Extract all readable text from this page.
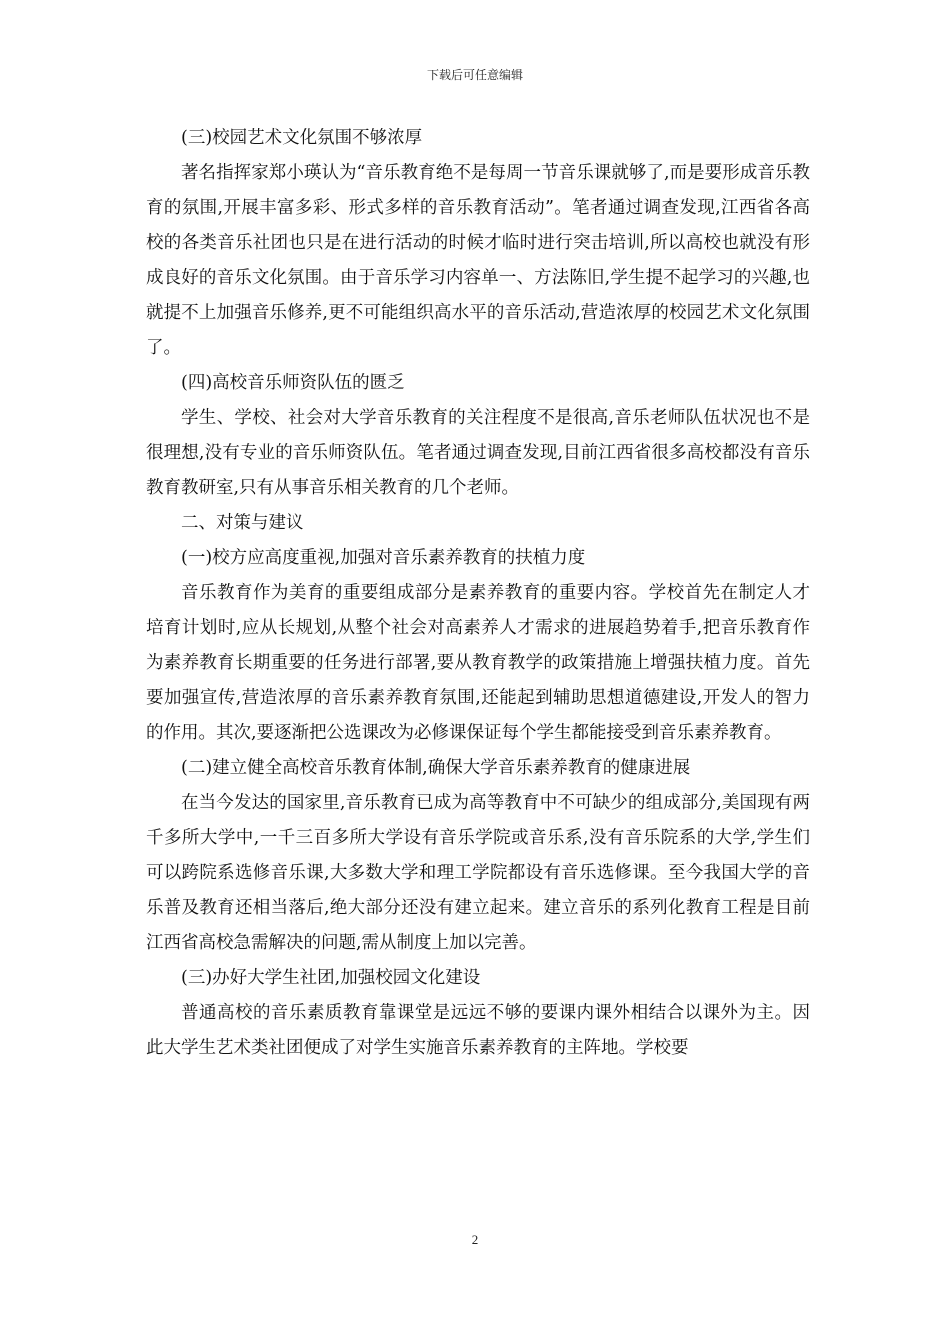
下载后可任意编辑

(三)校园艺术文化氛围不够浓厚

著名指挥家郑小瑛认为“音乐教育绝不是每周一节音乐课就够了,而是要形成音乐教育的氛围,开展丰富多彩、形式多样的音乐教育活动”。笔者通过调查发现,江西省各高校的各类音乐社团也只是在进行活动的时候才临时进行突击培训,所以高校也就没有形成良好的音乐文化氛围。由于音乐学习内容单一、方法陈旧,学生提不起学习的兴趣,也就提不上加强音乐修养,更不可能组织高水平的音乐活动,营造浓厚的校园艺术文化氛围了。

(四)高校音乐师资队伍的匮乏

学生、学校、社会对大学音乐教育的关注程度不是很高,音乐老师队伍状况也不是很理想,没有专业的音乐师资队伍。笔者通过调查发现,目前江西省很多高校都没有音乐教育教研室,只有从事音乐相关教育的几个老师。

二、对策与建议

(一)校方应高度重视,加强对音乐素养教育的扶植力度

音乐教育作为美育的重要组成部分是素养教育的重要内容。学校首先在制定人才培育计划时,应从长规划,从整个社会对高素养人才需求的进展趋势着手,把音乐教育作为素养教育长期重要的任务进行部署,要从教育教学的政策措施上增强扶植力度。首先要加强宣传,营造浓厚的音乐素养教育氛围,还能起到辅助思想道德建设,开发人的智力的作用。其次,要逐渐把公选课改为必修课保证每个学生都能接受到音乐素养教育。

(二)建立健全高校音乐教育体制,确保大学音乐素养教育的健康进展

在当今发达的国家里,音乐教育已成为高等教育中不可缺少的组成部分,美国现有两千多所大学中,一千三百多所大学设有音乐学院或音乐系,没有音乐院系的大学,学生们可以跨院系选修音乐课,大多数大学和理工学院都设有音乐选修课。至今我国大学的音乐普及教育还相当落后,绝大部分还没有建立起来。建立音乐的系列化教育工程是目前江西省高校急需解决的问题,需从制度上加以完善。

(三)办好大学生社团,加强校园文化建设

普通高校的音乐素质教育靠课堂是远远不够的要课内课外相结合以课外为主。因此大学生艺术类社团便成了对学生实施音乐素养教育的主阵地。学校要

2
